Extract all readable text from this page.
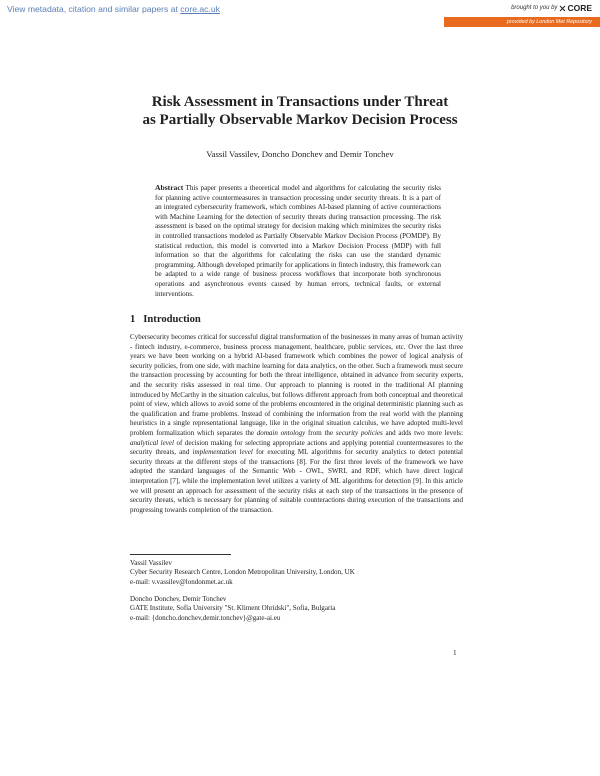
View metadata, citation and similar papers at core.ac.uk	brought to you by CORE
provided by London Met Repository
Risk Assessment in Transactions under Threat
as Partially Observable Markov Decision Process
Vassil Vassilev, Doncho Donchev and Demir Tonchev
Abstract This paper presents a theoretical model and algorithms for calculating the security risks for planning active countermeasures in transaction processing under security threats. It is a part of an integrated cybersecurity framework, which combines AI-based planning of active counteractions with Machine Learning for the detection of security threats during transaction processing. The risk assessment is based on the optimal strategy for decision making which minimizes the security risks in controlled transactions modeled as Partially Observable Markov Decision Process (POMDP). By statistical reduction, this model is converted into a Markov Decision Process (MDP) with full information so that the algorithms for calculating the risks can use the standard dynamic programming. Although developed primarily for applications in fintech industry, this framework can be adapted to a wide range of business process workflows that incorporate both synchronous operations and asynchronous events caused by human errors, technical faults, or external interventions.
1 Introduction
Cybersecurity becomes critical for successful digital transformation of the businesses in many areas of human activity - fintech industry, e-commerce, business process management, healthcare, public services, etc. Over the last three years we have been working on a hybrid AI-based framework which combines the power of logical analysis of security policies, from one side, with machine learning for data analytics, on the other. Such a framework must secure the transaction processing by accounting for both the threat intelligence, obtained in advance from security experts, and the security risks assessed in real time. Our approach to planning is rooted in the traditional AI planning introduced by McCarthy in the situation calculus, but follows different approach from both conceptual and theoretical point of view, which allows to avoid some of the problems encountered in the original deterministic planning such as the qualification and frame problems. Instead of combining the information from the real world with the planning heuristics in a single representational language, like in the original situation calculus, we have adopted multi-level problem formalization which separates the domain ontology from the security policies and adds two more levels: analytical level of decision making for selecting appropriate actions and applying potential countermeasures to the security threats, and implementation level for executing ML algorithms for security analytics to detect potential security threats at the different steps of the transactions [8]. For the first three levels of the framework we have adopted the standard languages of the Semantic Web - OWL, SWRL and RDF, which have direct logical interpretation [7], while the implementation level utilizes a variety of ML algorithms for detection [9]. In this article we will present an approach for assessment of the security risks at each step of the transactions in the presence of security threats, which is necessary for planning of suitable counteractions during execution of the transactions and progressing towards completion of the transaction.
Vassil Vassilev
Cyber Security Research Centre, London Metropolitan University, London, UK
e-mail: v.vassilev@londonmet.ac.uk
Doncho Donchev, Demir Tonchev
GATE Institute, Sofia University "St. Kliment Ohridski", Sofia, Bulgaria
e-mail: {doncho.donchev,demir.tonchev}@gate-ai.eu
1
